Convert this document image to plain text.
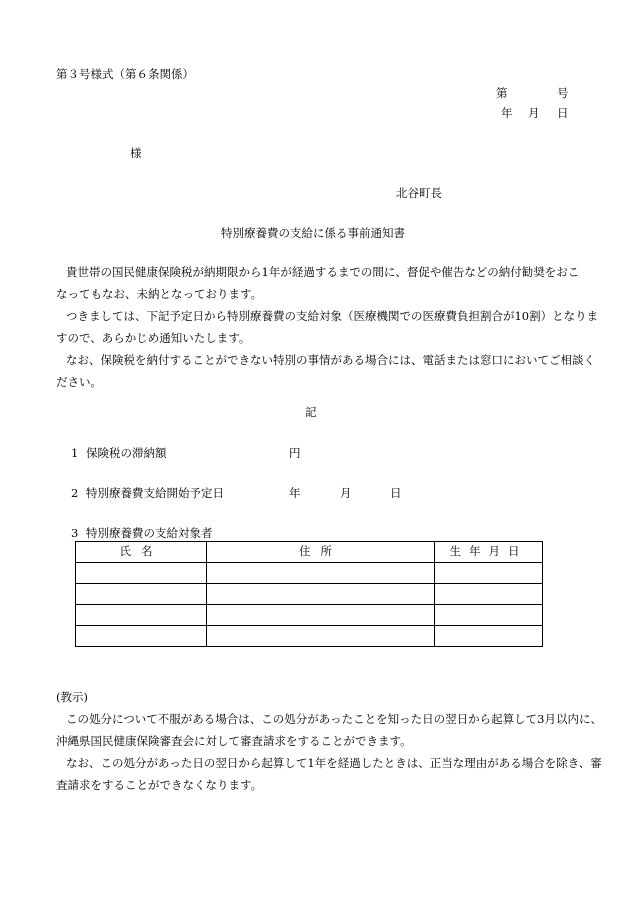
第３号様式（第６条関係）
第	号
年 月 日
様
北谷町長
特別療養費の支給に係る事前通知書
貴世帯の国民健康保険税が納期限から1年が経過するまでの間に、督促や催告などの納付勧奨をおこ
なってもなお、未納となっております。
つきましては、下記予定日から特別療養費の支給対象（医療機関での医療費負担割合が10割）となりま
すので、あらかじめ通知いたします。
なお、保険税を納付することができない特別の事情がある場合には、電話または窓口においてご相談く
ださい。
記
1 保険税の滞納額	円
2 特別療養費支給開始予定日	年	月	日
3 特別療養費の支給対象者
氏名	住所	生年月日

(教示)
この処分について不服がある場合は、この処分があったことを知った日の翌日から起算して3月以内に、
沖縄県国民健康保険審査会に対して審査請求をすることができます。
なお、この処分があった日の翌日から起算して1年を経過したときは、正当な理由がある場合を除き、審
査請求をすることができなくなります。
